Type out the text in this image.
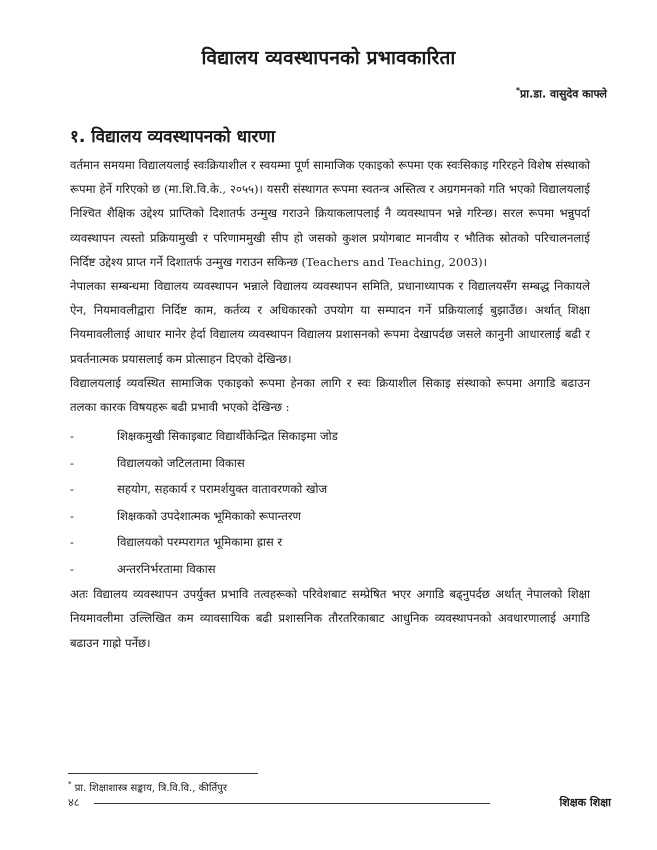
विद्यालय व्यवस्थापनको प्रभावकारिता
*प्रा.डा. वासुदेव काफ्ले
१. विद्यालय व्यवस्थापनको धारणा

वर्तमान समयमा विद्यालयलाई स्वःक्रियाशील र स्वयम्मा पूर्ण सामाजिक एकाइको रूपमा एक स्वःसिकाइ गरिरहने विशेष संस्थाको रूपमा हेर्ने गरिएको छ (मा.शि.वि.के., २०५५)। यसरी संस्थागत रूपमा स्वतन्त्र अस्तित्व र अग्रगमनको गति भएको विद्यालयलाई निश्चित शैक्षिक उद्देश्य प्राप्तिको दिशातर्फ उन्मुख गराउने क्रियाकलापलाई नै व्यवस्थापन भन्ने गरिन्छ। सरल रूपमा भन्नुपर्दा व्यवस्थापन त्यस्तो प्रक्रियामुखी र परिणाममुखी सीप हो जसको कुशल प्रयोगबाट मानवीय र भौतिक स्रोतको परिचालनलाई निर्दिष्ट उद्देश्य प्राप्त गर्ने दिशातर्फ उन्मुख गराउन सकिन्छ (Teachers and Teaching, 2003)।

नेपालका सम्बन्धमा विद्यालय व्यवस्थापन भन्नाले विद्यालय व्यवस्थापन समिति, प्रधानाध्यापक र विद्यालयसँग सम्बद्ध निकायले ऐन, नियमावलीद्वारा निर्दिष्ट काम, कर्तव्य र अधिकारको उपयोग या सम्पादन गर्ने प्रक्रियालाई बुझाउँछ। अर्थात् शिक्षा नियमावलीलाई आधार मानेर हेर्दा विद्यालय व्यवस्थापन विद्यालय प्रशासनको रूपमा देखापर्दछ जसले कानुनी आधारलाई बढी र प्रवर्तनात्मक प्रयासलाई कम प्रोत्साहन दिएको देखिन्छ।

विद्यालयलाई व्यवस्थित सामाजिक एकाइको रूपमा हेनका लागि र स्वः क्रियाशील सिकाइ संस्थाको रूपमा अगाडि बढाउन तलका कारक विषयहरू बढी प्रभावी भएको देखिन्छ :

-	शिक्षकमुखी सिकाइबाट विद्यार्थीकेन्द्रित सिकाइमा जोड
-	विद्यालयको जटिलतामा विकास
-	सहयोग, सहकार्य र परामर्शयुक्त वातावरणको खोज
-	शिक्षकको उपदेशात्मक भूमिकाको रूपान्तरण
-	विद्यालयको परम्परागत भूमिकामा ह्रास र
-	अन्तरनिर्भरतामा विकास

अतः विद्यालय व्यवस्थापन उपर्युक्त प्रभावि तत्वहरूको परिवेशबाट सम्प्रेषित भएर अगाडि बढ्नुपर्दछ अर्थात् नेपालको शिक्षा नियमावलीमा उल्लिखित कम व्यावसायिक बढी प्रशासनिक तौरतरिकाबाट आधुनिक व्यवस्थापनको अवधारणालाई अगाडि बढाउन गाह्रो पर्नेछ।

* प्रा. शिक्षाशास्त्र सङ्काय, त्रि.वि.वि., कीर्तिपुर
४८	शिक्षक शिक्षा
